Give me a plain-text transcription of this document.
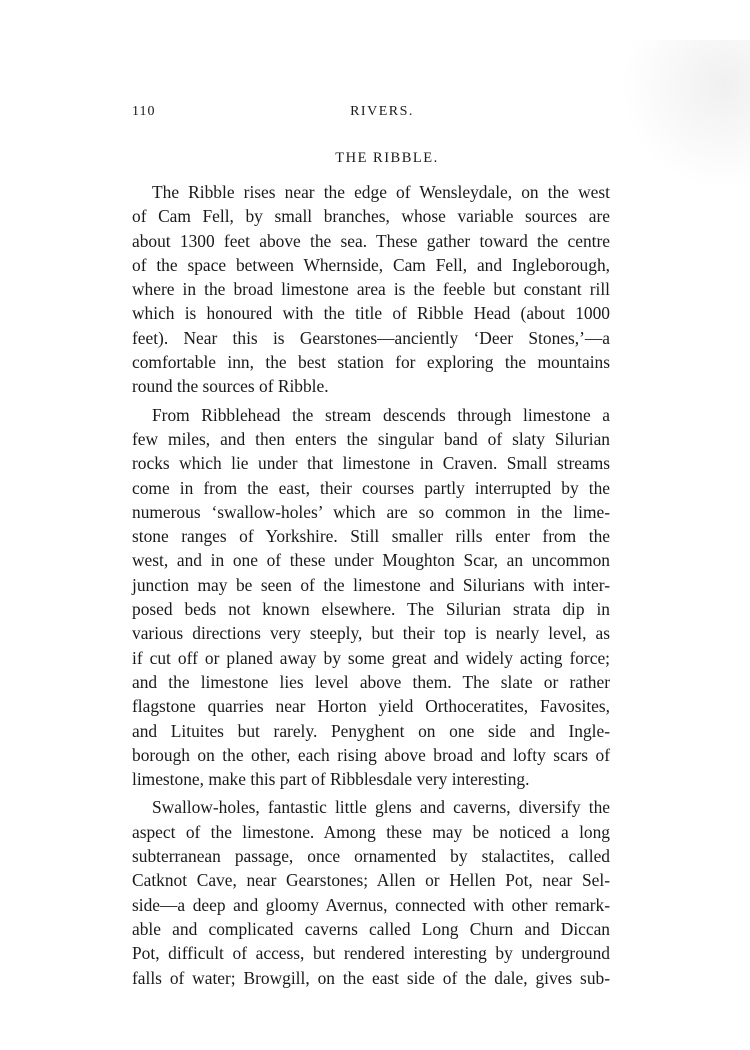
110	RIVERS.
THE RIBBLE.

The Ribble rises near the edge of Wensleydale, on the west
of Cam Fell, by small branches, whose variable sources are
about 1300 feet above the sea. These gather toward the centre
of the space between Whernside, Cam Fell, and Ingleborough,
where in the broad limestone area is the feeble but constant rill
which is honoured with the title of Ribble Head (about 1000
feet). Near this is Gearstones—anciently ‘Deer Stones,’—a
comfortable inn, the best station for exploring the mountains
round the sources of Ribble.

From Ribblehead the stream descends through limestone a
few miles, and then enters the singular band of slaty Silurian
rocks which lie under that limestone in Craven. Small streams
come in from the east, their courses partly interrupted by the
numerous ‘swallow-holes’ which are so common in the lime-
stone ranges of Yorkshire. Still smaller rills enter from the
west, and in one of these under Moughton Scar, an uncommon
junction may be seen of the limestone and Silurians with inter-
posed beds not known elsewhere. The Silurian strata dip in
various directions very steeply, but their top is nearly level, as
if cut off or planed away by some great and widely acting force;
and the limestone lies level above them. The slate or rather
flagstone quarries near Horton yield Orthoceratites, Favosites,
and Lituites but rarely. Penyghent on one side and Ingle-
borough on the other, each rising above broad and lofty scars of
limestone, make this part of Ribblesdale very interesting.

Swallow-holes, fantastic little glens and caverns, diversify the
aspect of the limestone. Among these may be noticed a long
subterranean passage, once ornamented by stalactites, called
Catknot Cave, near Gearstones; Allen or Hellen Pot, near Sel-
side—a deep and gloomy Avernus, connected with other remark-
able and complicated caverns called Long Churn and Diccan
Pot, difficult of access, but rendered interesting by underground
falls of water; Browgill, on the east side of the dale, gives sub-
